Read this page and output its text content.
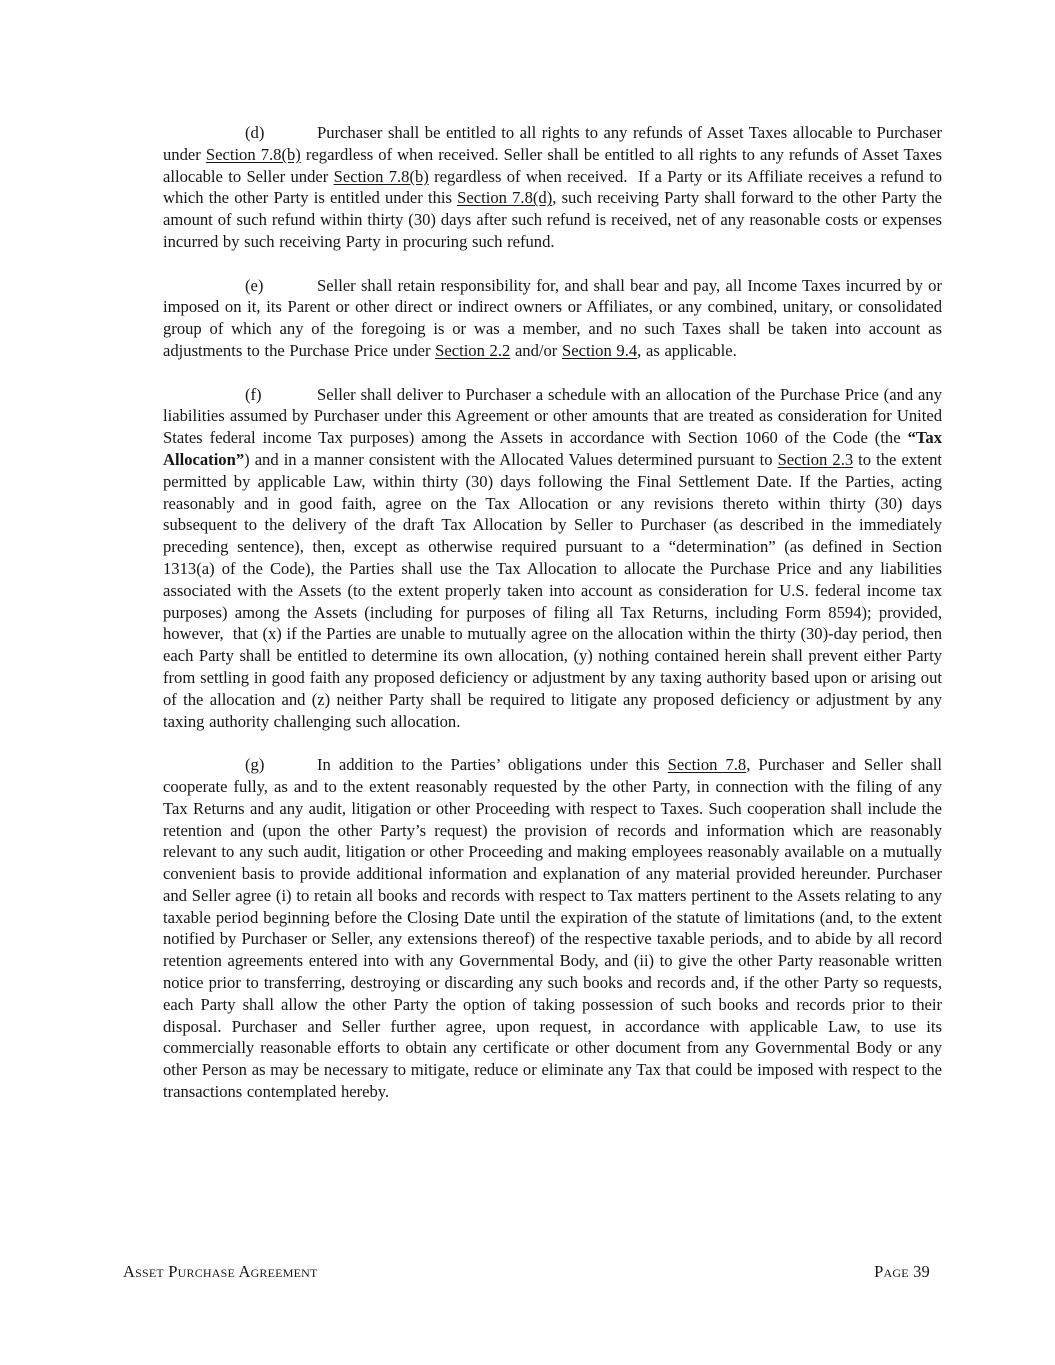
(d)	Purchaser shall be entitled to all rights to any refunds of Asset Taxes allocable to Purchaser under Section 7.8(b) regardless of when received. Seller shall be entitled to all rights to any refunds of Asset Taxes allocable to Seller under Section 7.8(b) regardless of when received.  If a Party or its Affiliate receives a refund to which the other Party is entitled under this Section 7.8(d), such receiving Party shall forward to the other Party the amount of such refund within thirty (30) days after such refund is received, net of any reasonable costs or expenses incurred by such receiving Party in procuring such refund.

(e)	Seller shall retain responsibility for, and shall bear and pay, all Income Taxes incurred by or imposed on it, its Parent or other direct or indirect owners or Affiliates, or any combined, unitary, or consolidated group of which any of the foregoing is or was a member, and no such Taxes shall be taken into account as adjustments to the Purchase Price under Section 2.2 and/or Section 9.4, as applicable.

(f)	Seller shall deliver to Purchaser a schedule with an allocation of the Purchase Price (and any liabilities assumed by Purchaser under this Agreement or other amounts that are treated as consideration for United States federal income Tax purposes) among the Assets in accordance with Section 1060 of the Code (the “Tax Allocation”) and in a manner consistent with the Allocated Values determined pursuant to Section 2.3 to the extent permitted by applicable Law, within thirty (30) days following the Final Settlement Date. If the Parties, acting reasonably and in good faith, agree on the Tax Allocation or any revisions thereto within thirty (30) days subsequent to the delivery of the draft Tax Allocation by Seller to Purchaser (as described in the immediately preceding sentence), then, except as otherwise required pursuant to a “determination” (as defined in Section 1313(a) of the Code), the Parties shall use the Tax Allocation to allocate the Purchase Price and any liabilities associated with the Assets (to the extent properly taken into account as consideration for U.S. federal income tax purposes) among the Assets (including for purposes of filing all Tax Returns, including Form 8594); provided, however,  that (x) if the Parties are unable to mutually agree on the allocation within the thirty (30)-day period, then each Party shall be entitled to determine its own allocation, (y) nothing contained herein shall prevent either Party from settling in good faith any proposed deficiency or adjustment by any taxing authority based upon or arising out of the allocation and (z) neither Party shall be required to litigate any proposed deficiency or adjustment by any taxing authority challenging such allocation.

(g)	In addition to the Parties’ obligations under this Section 7.8, Purchaser and Seller shall cooperate fully, as and to the extent reasonably requested by the other Party, in connection with the filing of any Tax Returns and any audit, litigation or other Proceeding with respect to Taxes. Such cooperation shall include the retention and (upon the other Party’s request) the provision of records and information which are reasonably relevant to any such audit, litigation or other Proceeding and making employees reasonably available on a mutually convenient basis to provide additional information and explanation of any material provided hereunder. Purchaser and Seller agree (i) to retain all books and records with respect to Tax matters pertinent to the Assets relating to any taxable period beginning before the Closing Date until the expiration of the statute of limitations (and, to the extent notified by Purchaser or Seller, any extensions thereof) of the respective taxable periods, and to abide by all record retention agreements entered into with any Governmental Body, and (ii) to give the other Party reasonable written notice prior to transferring, destroying or discarding any such books and records and, if the other Party so requests, each Party shall allow the other Party the option of taking possession of such books and records prior to their disposal. Purchaser and Seller further agree, upon request, in accordance with applicable Law, to use its commercially reasonable efforts to obtain any certificate or other document from any Governmental Body or any other Person as may be necessary to mitigate, reduce or eliminate any Tax that could be imposed with respect to the transactions contemplated hereby.

Asset Purchase Agreement	Page 39
